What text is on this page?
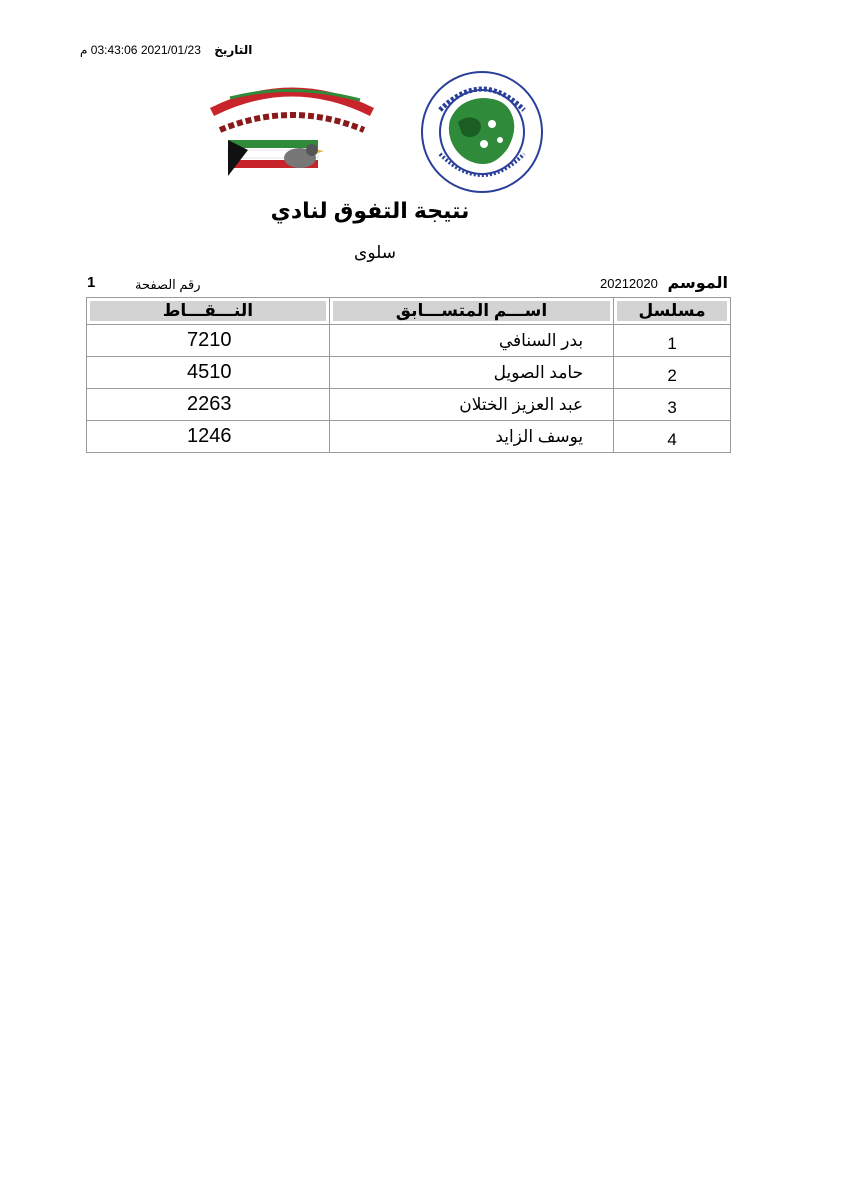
التاريخ 2021/01/23 03:43:06 م
نتيجة التفوق لنادي
سلوى
الموسم 20212020
رقم الصفحة
1
مسلسل	اســـم المتســـابق	النـــقـــاط
1	بدر السنافي	7210
2	حامد الصويل	4510
3	عبد العزيز الختلان	2263
4	يوسف الزايد	1246
